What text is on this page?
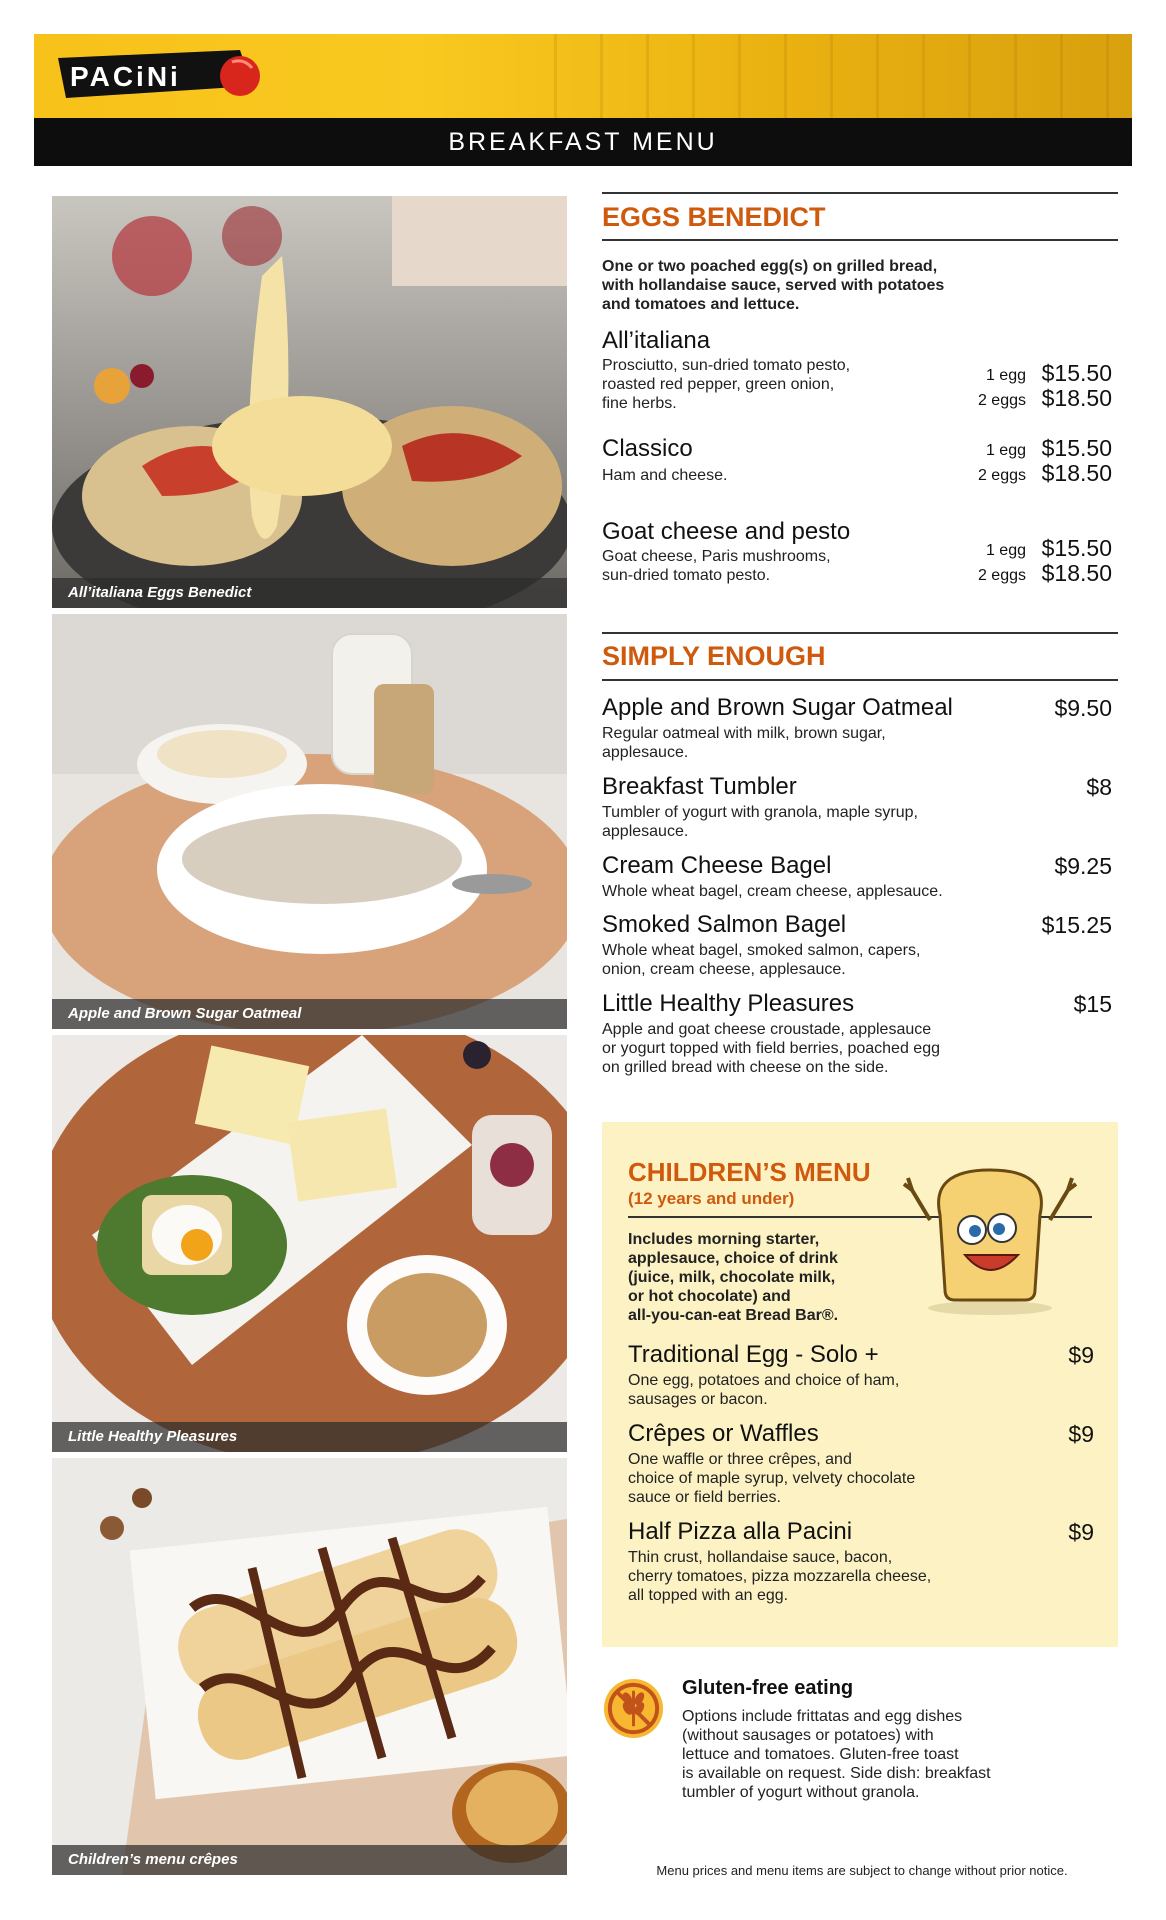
PACiNi
BREAKFAST MENU
All’italiana Eggs Benedict
Apple and Brown Sugar Oatmeal
Little Healthy Pleasures
Children’s menu crêpes
EGGS BENEDICT
One or two poached egg(s) on grilled bread,
with hollandaise sauce, served with potatoes
and tomatoes and lettuce.
All’italiana
Prosciutto, sun-dried tomato pesto,
roasted red pepper, green onion,
fine herbs.
1 egg $15.50
2 eggs $18.50
Classico
Ham and cheese.
1 egg $15.50
2 eggs $18.50
Goat cheese and pesto
Goat cheese, Paris mushrooms,
sun-dried tomato pesto.
1 egg $15.50
2 eggs $18.50
SIMPLY ENOUGH
Apple and Brown Sugar Oatmeal	$9.50
Regular oatmeal with milk, brown sugar,
applesauce.
Breakfast Tumbler	$8
Tumbler of yogurt with granola, maple syrup,
applesauce.
Cream Cheese Bagel	$9.25
Whole wheat bagel, cream cheese, applesauce.
Smoked Salmon Bagel	$15.25
Whole wheat bagel, smoked salmon, capers,
onion, cream cheese, applesauce.
Little Healthy Pleasures	$15
Apple and goat cheese croustade, applesauce
or yogurt topped with field berries, poached egg
on grilled bread with cheese on the side.
CHILDREN’S MENU
(12 years and under)
Includes morning starter,
applesauce, choice of drink
(juice, milk, chocolate milk,
or hot chocolate) and
all-you-can-eat Bread Bar®.
Traditional Egg - Solo +	$9
One egg, potatoes and choice of ham,
sausages or bacon.
Crêpes or Waffles	$9
One waffle or three crêpes, and
choice of maple syrup, velvety chocolate
sauce or field berries.
Half Pizza alla Pacini	$9
Thin crust, hollandaise sauce, bacon,
cherry tomatoes, pizza mozzarella cheese,
all topped with an egg.
Gluten-free eating
Options include frittatas and egg dishes
(without sausages or potatoes) with
lettuce and tomatoes. Gluten-free toast
is available on request. Side dish: breakfast
tumbler of yogurt without granola.
Menu prices and menu items are subject to change without prior notice.
